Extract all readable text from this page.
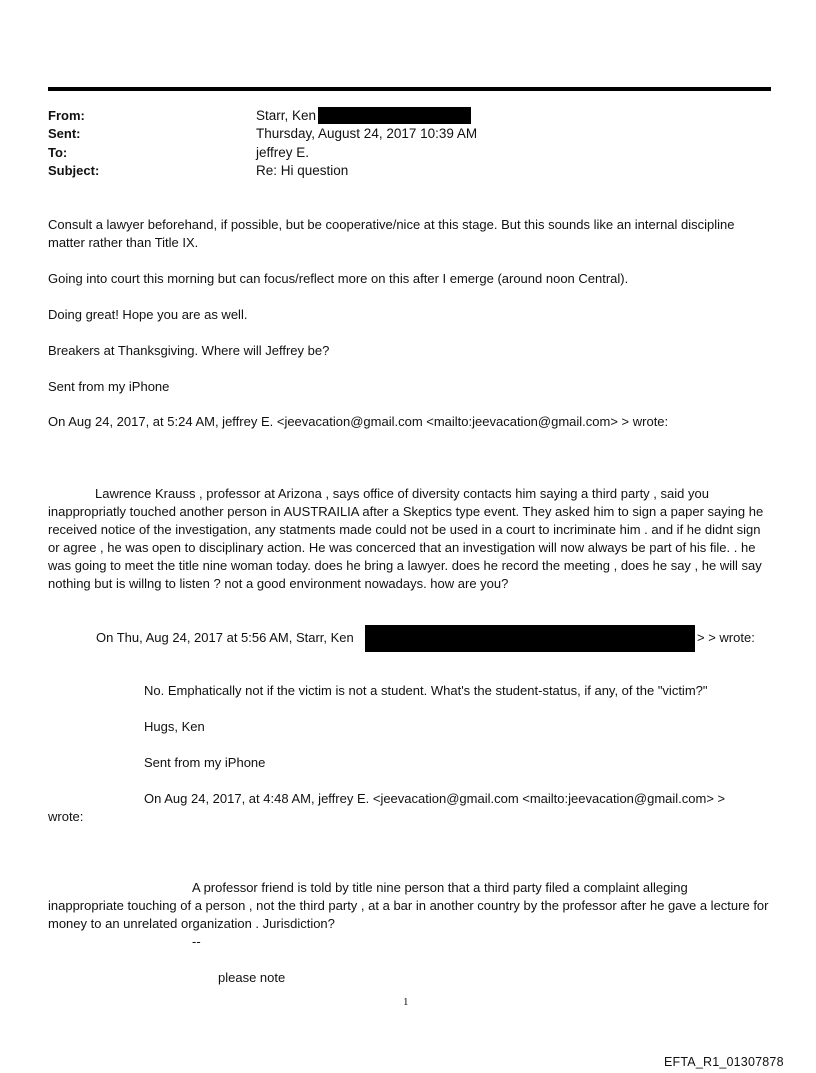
From:	Starr, Ken
Sent:	Thursday, August 24, 2017 10:39 AM
To:	jeffrey E.
Subject:	Re: Hi question
Consult a lawyer beforehand, if possible, but be cooperative/nice at this stage. But this sounds like an internal discipline matter rather than Title IX.
Going into court this morning but can focus/reflect more on this after I emerge (around noon Central).
Doing great! Hope you are as well.
Breakers at Thanksgiving. Where will Jeffrey be?
Sent from my iPhone
On Aug 24, 2017, at 5:24 AM, jeffrey E. <jeevacation@gmail.com <mailto:jeevacation@gmail.com> > wrote:
Lawrence Krauss , professor at Arizona , says office of diversity contacts him saying a third party , said you inappropriatly touched another person in AUSTRAILIA after a Skeptics type event. They asked him to sign a paper saying he received notice of the investigation, any statments made could not be used in a court to incriminate him . and if he didnt sign or agree , he was open to disciplinary action. He was concerced that an investigation will now always be part of his file. . he was going to meet the title nine woman today. does he bring a lawyer. does he record the meeting , does he say , he will say nothing but is willng to listen ? not a good environment nowadays. how are you?
On Thu, Aug 24, 2017 at 5:56 AM, Starr, Ken	> > wrote:
No. Emphatically not if the victim is not a student. What's the student-status, if any, of the "victim?"
Hugs, Ken
Sent from my iPhone
On Aug 24, 2017, at 4:48 AM, jeffrey E. <jeevacation@gmail.com <mailto:jeevacation@gmail.com> >
wrote:
A professor friend is told by title nine person that a third party filed a complaint alleging
inappropriate touching of a person , not the third party , at a bar in another country by the professor after he gave a lecture for money to an unrelated organization . Jurisdiction?
--
please note
1
EFTA_R1_01307878
